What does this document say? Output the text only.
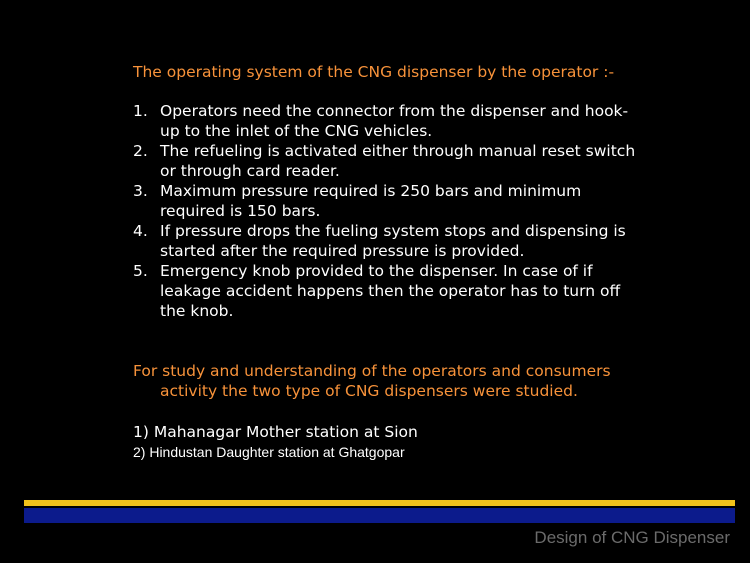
The operating system of the CNG dispenser by the operator :-
1. Operators need the connector from the dispenser and hook-
up to the inlet of the CNG vehicles.
2. The refueling is activated either through manual reset switch
or through card reader.
3. Maximum pressure required is 250 bars and minimum
required is 150 bars.
4. If pressure drops the fueling system stops and dispensing is
started after the required pressure is provided.
5. Emergency knob provided to the dispenser. In case of if
leakage accident happens then the operator has to turn off
the knob.
For study and understanding of the operators and consumers
activity the two type of CNG dispensers were studied.
1) Mahanagar Mother station at Sion
2) Hindustan Daughter station at Ghatgopar
Design of CNG Dispenser
